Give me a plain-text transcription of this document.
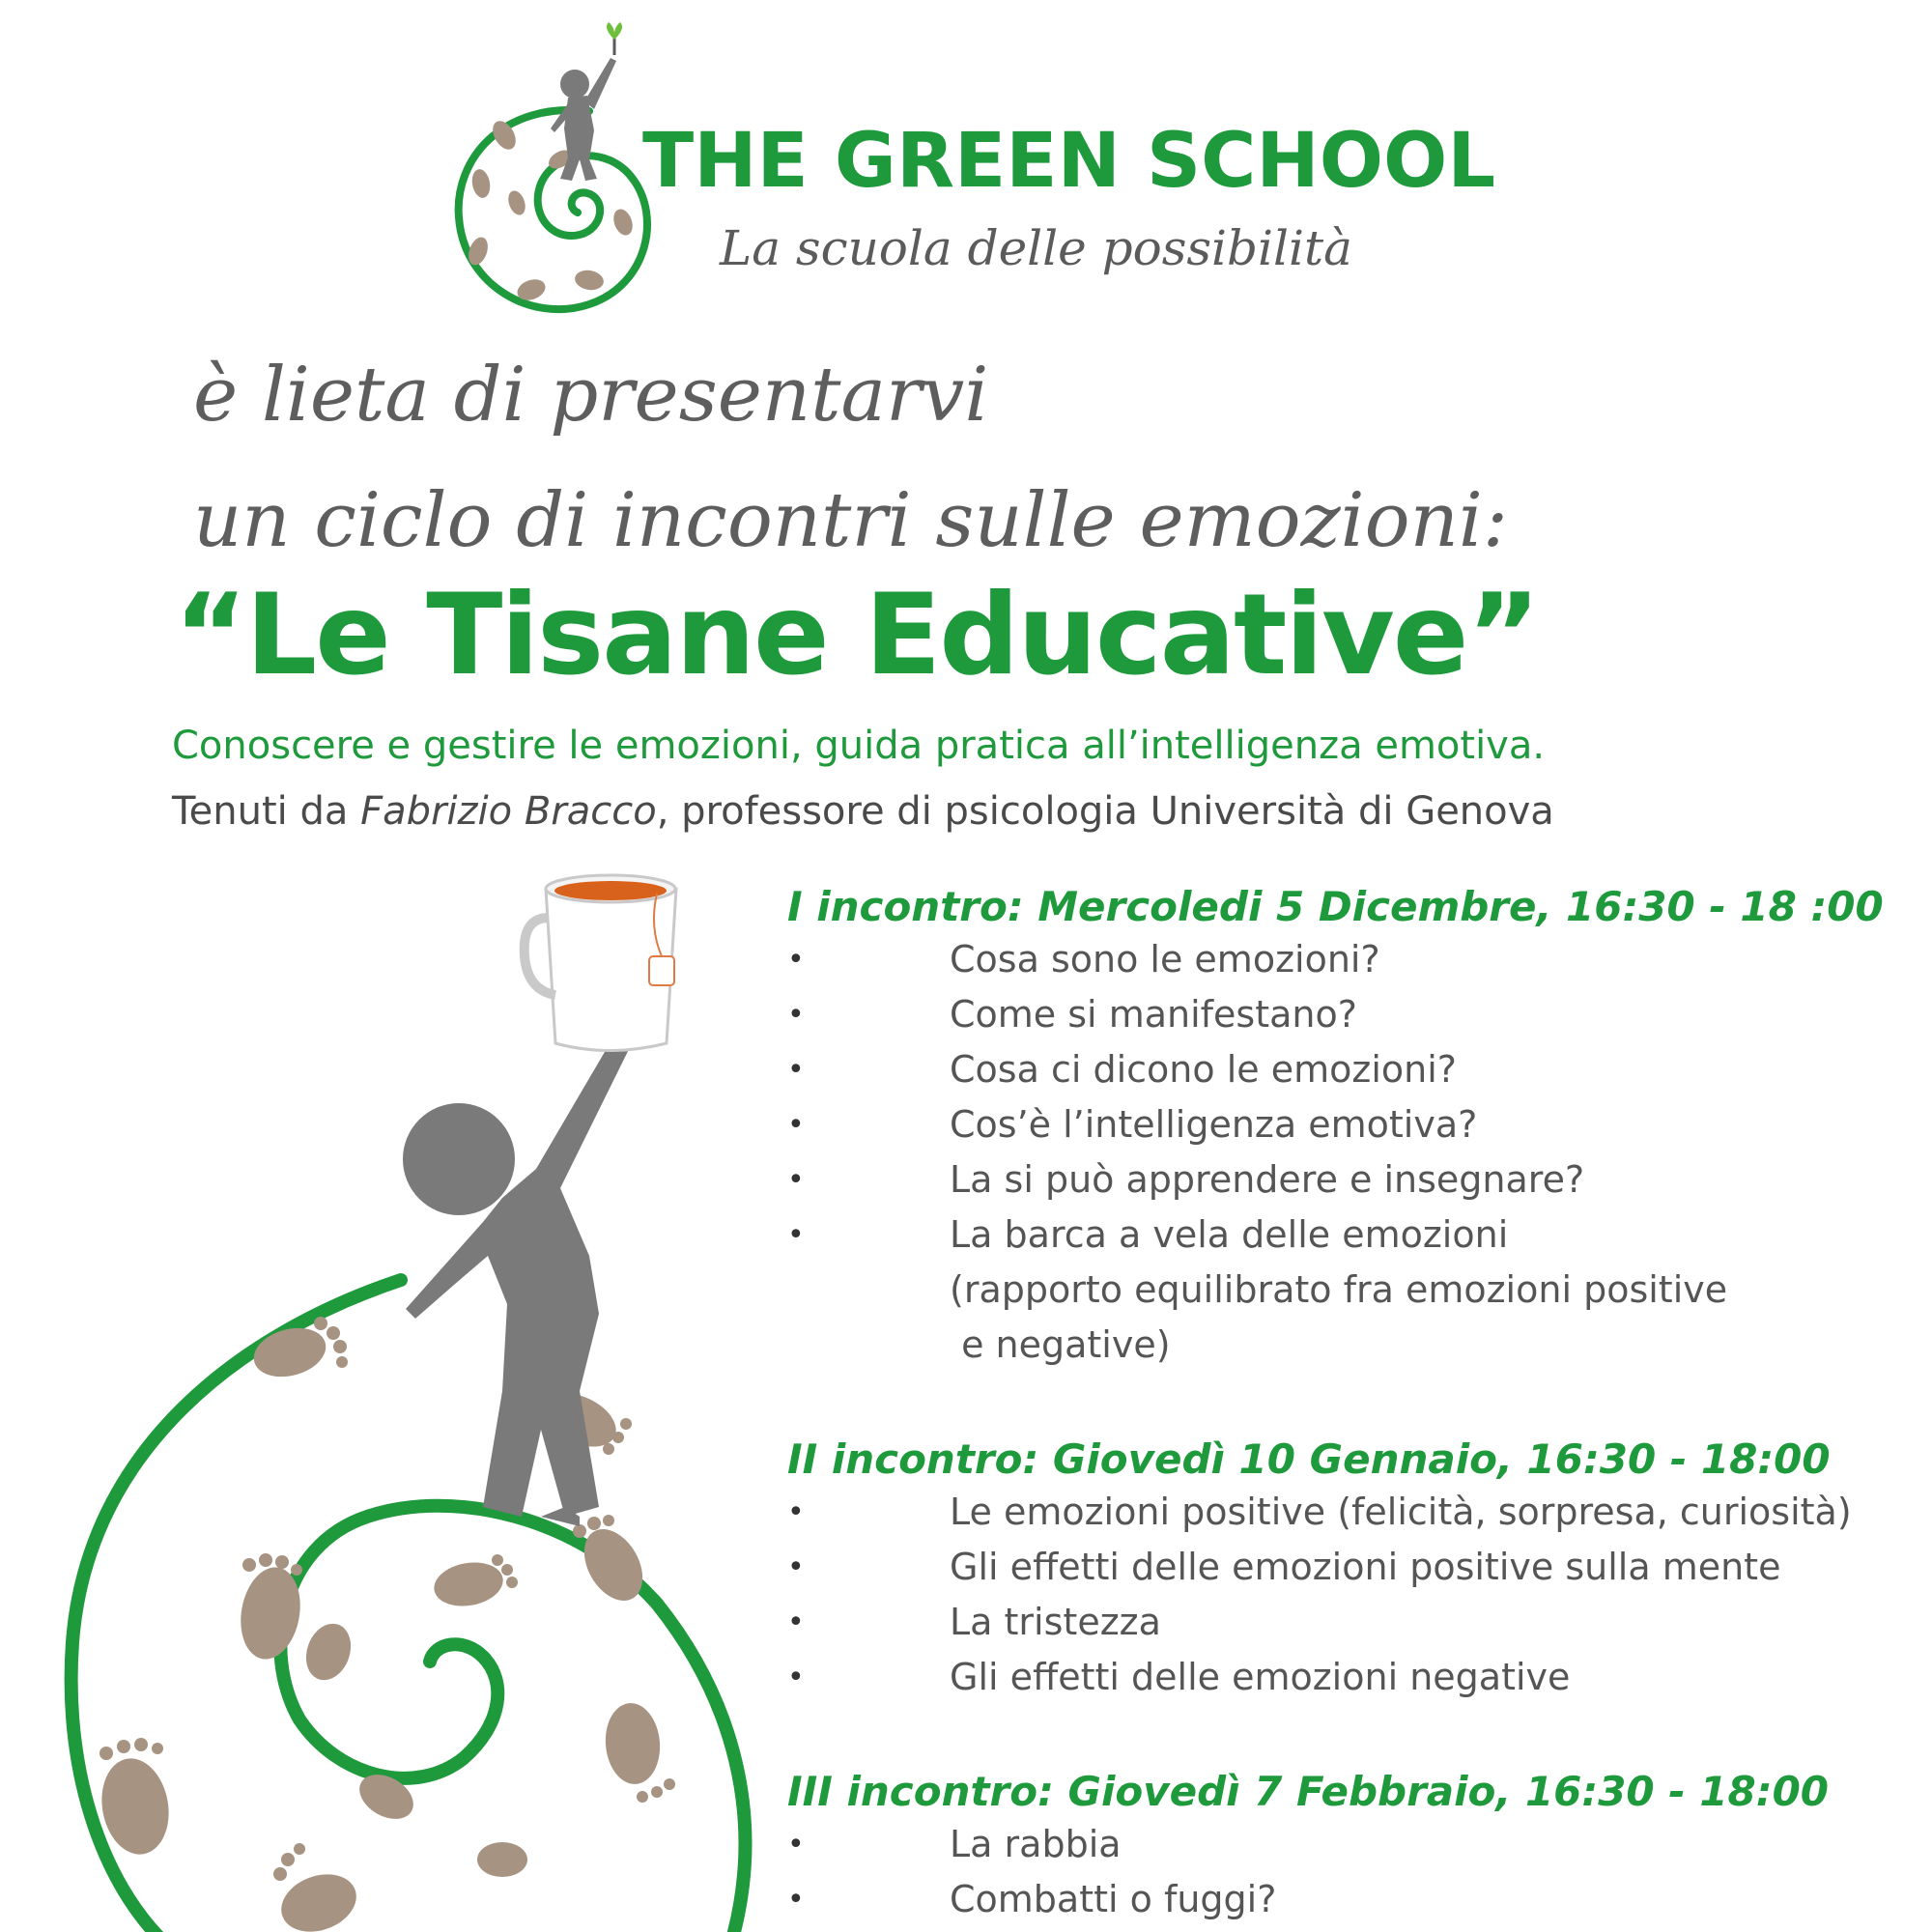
THE GREEN SCHOOL
La scuola delle possibilità
è lieta di presentarvi
un ciclo di incontri sulle emozioni:
“Le Tisane Educative”
Conoscere e gestire le emozioni, guida pratica all’intelligenza emotiva.
Tenuti da Fabrizio Bracco, professore di psicologia Università di Genova
I incontro: Mercoledi 5 Dicembre, 16:30 - 18 :00
•	Cosa sono le emozioni?
•	Come si manifestano?
•	Cosa ci dicono le emozioni?
•	Cos’è l’intelligenza emotiva?
•	La si può apprendere e insegnare?
•	La barca a vela delle emozioni
(rapporto equilibrato fra emozioni positive
e negative)
II incontro: Giovedì 10 Gennaio, 16:30 - 18:00
•	Le emozioni positive (felicità, sorpresa, curiosità)
•	Gli effetti delle emozioni positive sulla mente
•	La tristezza
•	Gli effetti delle emozioni negative
III incontro: Giovedì 7 Febbraio, 16:30 - 18:00
•	La rabbia
•	Combatti o fuggi?
